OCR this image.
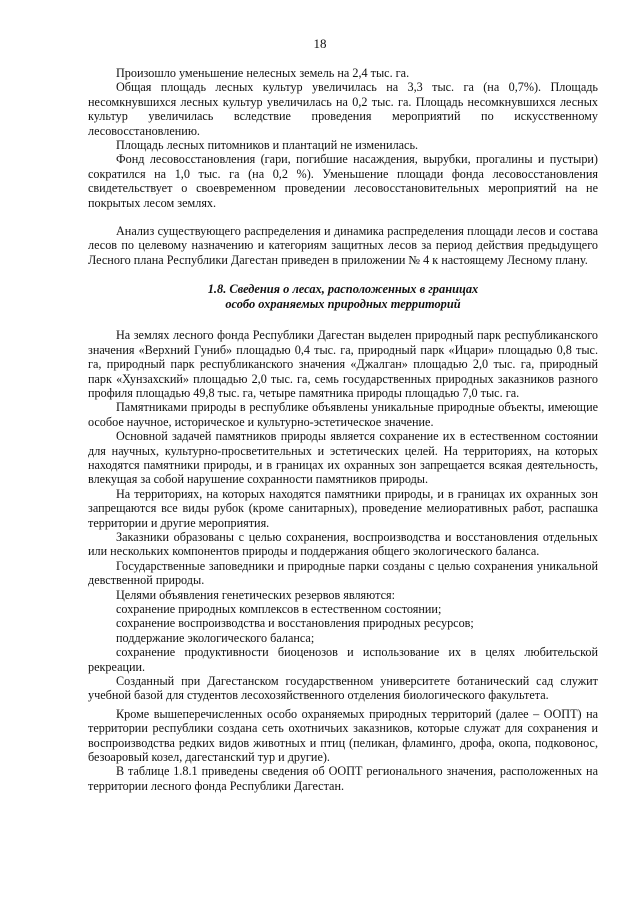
18

Произошло уменьшение нелесных земель на 2,4 тыс. га.

Общая площадь лесных культур увеличилась на 3,3 тыс. га (на 0,7%). Площадь несомкнувшихся лесных культур увеличилась на 0,2 тыс. га. Площадь несомкнувшихся лесных культур увеличилась вследствие проведения мероприятий по искусственному лесовосстановлению.

Площадь лесных питомников и плантаций не изменилась.

Фонд лесовосстановления (гари, погибшие насаждения, вырубки, прогалины и пустыри) сократился на 1,0 тыс. га (на 0,2 %). Уменьшение площади фонда лесовосстановления свидетельствует о своевременном проведении лесовосстановительных мероприятий на не покрытых лесом землях.

Анализ существующего распределения и динамика распределения площади лесов и состава лесов по целевому назначению и категориям защитных лесов за период действия предыдущего Лесного плана Республики Дагестан приведен в приложении № 4 к настоящему Лесному плану.

1.8. Сведения о лесах, расположенных в границах
особо охраняемых природных территорий

На землях лесного фонда Республики Дагестан выделен природный парк республиканского значения «Верхний Гуниб» площадью 0,4 тыс. га, природный парк «Ицари» площадью 0,8 тыс. га, природный парк республиканского значения «Джалган» площадью 2,0 тыс. га, природный парк «Хунзахский» площадью 2,0 тыс. га, семь государственных природных заказников разного профиля площадью 49,8 тыс. га, четыре памятника природы площадью 7,0 тыс. га.

Памятниками природы в республике объявлены уникальные природные объекты, имеющие особое научное, историческое и культурно-эстетическое значение.

Основной задачей памятников природы является сохранение их в естественном состоянии для научных, культурно-просветительных и эстетических целей. На территориях, на которых находятся памятники природы, и в границах их охранных зон запрещается всякая деятельность, влекущая за собой нарушение сохранности памятников природы.

На территориях, на которых находятся памятники природы, и в границах их охранных зон запрещаются все виды рубок (кроме санитарных), проведение мелиоративных работ, распашка территории и другие мероприятия.

Заказники образованы с целью сохранения, воспроизводства и восстановления отдельных или нескольких компонентов природы и поддержания общего экологического баланса.

Государственные заповедники и природные парки созданы с целью сохранения уникальной девственной природы.

Целями объявления генетических резервов являются:

сохранение природных комплексов в естественном состоянии;

сохранение воспроизводства и восстановления природных ресурсов;

поддержание экологического баланса;

сохранение продуктивности биоценозов и использование их в целях любительской рекреации.

Созданный при Дагестанском государственном университете ботанический сад служит учебной базой для студентов лесохозяйственного отделения биологического факультета.

Кроме вышеперечисленных особо охраняемых природных территорий (далее – ООПТ) на территории республики создана сеть охотничьих заказников, которые служат для сохранения и воспроизводства редких видов животных и птиц (пеликан, фламинго, дрофа, окопа, подковонос, безоаровый козел, дагестанский тур и другие).

В таблице 1.8.1 приведены сведения об ООПТ регионального значения, расположенных на территории лесного фонда Республики Дагестан.
